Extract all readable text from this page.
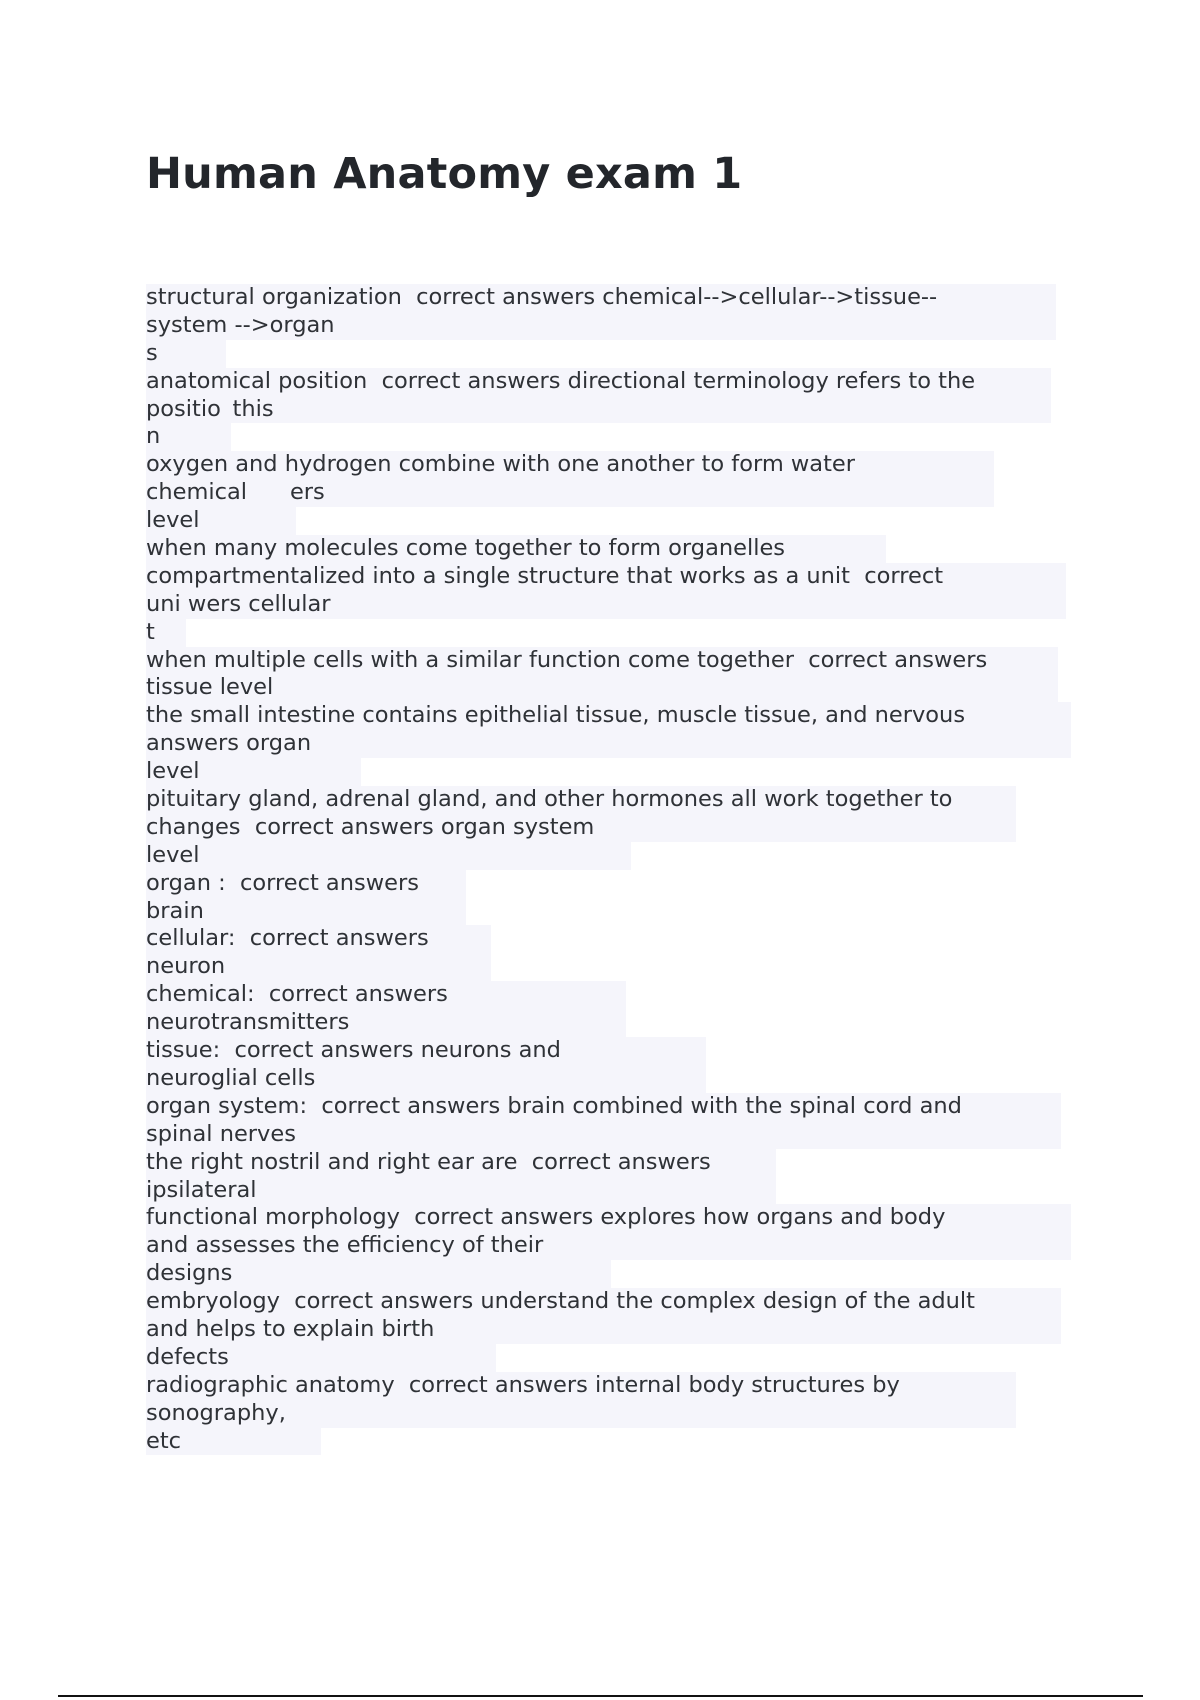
Human Anatomy exam 1
structural organization  correct answers chemical-->cellular-->tissue--
system -->organ
s
anatomical position  correct answers directional terminology refers to the
positio   this
n
oxygen and hydrogen combine with one another to form water
chemical      ers
level
when many molecules come together to form organelles
compartmentalized into a single structure that works as a unit  correct
uni wers cellular
t
when multiple cells with a similar function come together  correct answers
tissue level
the small intestine contains epithelial tissue, muscle tissue, and nervous
answers organ
level
pituitary gland, adrenal gland, and other hormones all work together to
changes  correct answers organ system
level
organ :  correct answers
brain
cellular:  correct answers
neuron
chemical:  correct answers
neurotransmitters
tissue:  correct answers neurons and
neuroglial cells
organ system:  correct answers brain combined with the spinal cord and
spinal nerves
the right nostril and right ear are  correct answers
ipsilateral
functional morphology  correct answers explores how organs and body
and assesses the efficiency of their
designs
embryology  correct answers understand the complex design of the adult
and helps to explain birth
defects
radiographic anatomy  correct answers internal body structures by
sonography,
etc
